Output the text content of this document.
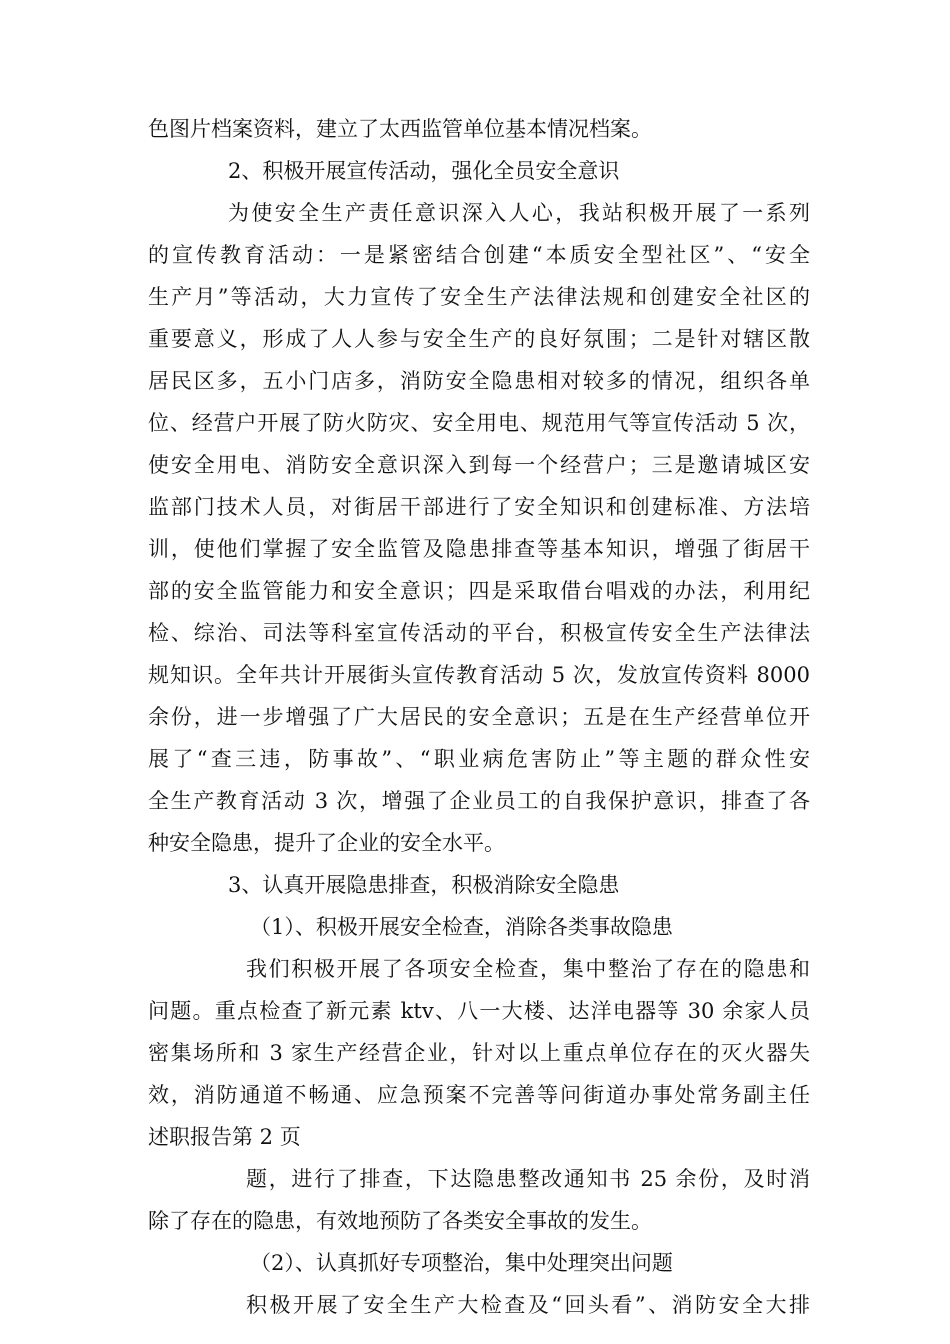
色图片档案资料，建立了太西监管单位基本情况档案。
2、积极开展宣传活动，强化全员安全意识
为使安全生产责任意识深入人心，我站积极开展了一系列
的宣传教育活动：一是紧密结合创建“本质安全型社区”、“安全
生产月”等活动，大力宣传了安全生产法律法规和创建安全社区的
重要意义，形成了人人参与安全生产的良好氛围；二是针对辖区散
居民区多，五小门店多，消防安全隐患相对较多的情况，组织各单
位、经营户开展了防火防灾、安全用电、规范用气等宣传活动 5 次，
使安全用电、消防安全意识深入到每一个经营户；三是邀请城区安
监部门技术人员，对街居干部进行了安全知识和创建标准、方法培
训，使他们掌握了安全监管及隐患排查等基本知识，增强了街居干
部的安全监管能力和安全意识；四是采取借台唱戏的办法，利用纪
检、综治、司法等科室宣传活动的平台，积极宣传安全生产法律法
规知识。全年共计开展街头宣传教育活动 5 次，发放宣传资料 8000
余份，进一步增强了广大居民的安全意识；五是在生产经营单位开
展了“查三违，防事故”、“职业病危害防止”等主题的群众性安
全生产教育活动 3 次，增强了企业员工的自我保护意识，排查了各
种安全隐患，提升了企业的安全水平。
3、认真开展隐患排查，积极消除安全隐患
（1）、积极开展安全检查，消除各类事故隐患
我们积极开展了各项安全检查，集中整治了存在的隐患和
问题。重点检查了新元素 ktv、八一大楼、达洋电器等 30 余家人员
密集场所和 3 家生产经营企业，针对以上重点单位存在的灭火器失
效，消防通道不畅通、应急预案不完善等问街道办事处常务副主任
述职报告第 2 页
题，进行了排查，下达隐患整改通知书 25 余份，及时消
除了存在的隐患，有效地预防了各类安全事故的发生。
（2）、认真抓好专项整治，集中处理突出问题
积极开展了安全生产大检查及“回头看”、消防安全大排
